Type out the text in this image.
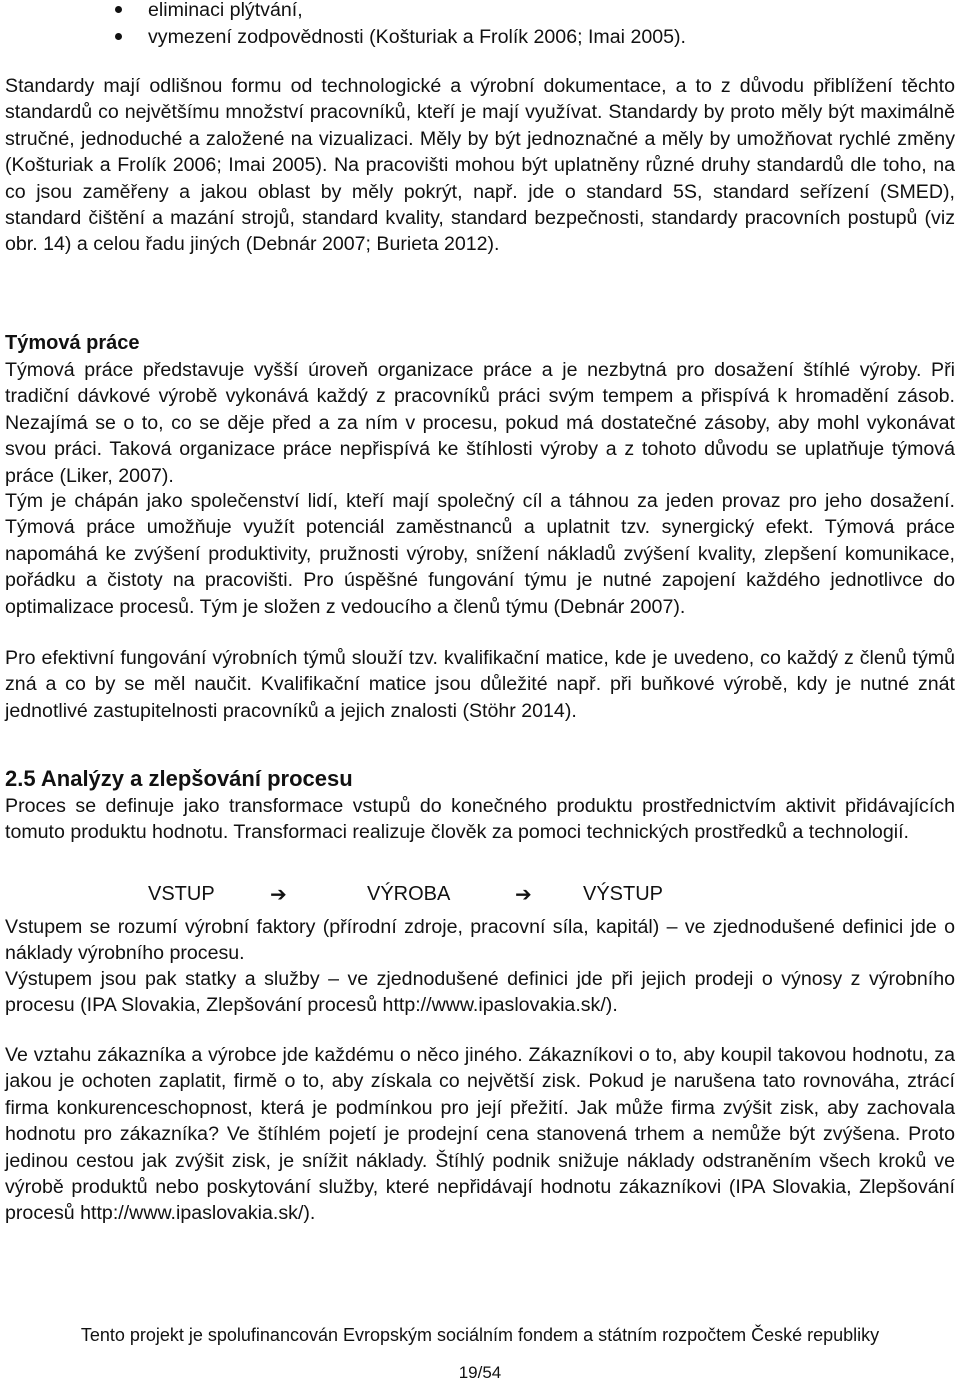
eliminaci plýtvání,
vymezení zodpovědnosti (Košturiak a Frolík 2006; Imai 2005).

Standardy mají odlišnou formu od technologické a výrobní dokumentace, a to z důvodu přiblížení těchto standardů co největšímu množství pracovníků, kteří je mají využívat. Standardy by proto měly být maximálně stručné, jednoduché a založené na vizualizaci. Měly by být jednoznačné a měly by umožňovat rychlé změny (Košturiak a Frolík 2006; Imai 2005). Na pracovišti mohou být uplatněny různé druhy standardů dle toho, na co jsou zaměřeny a jakou oblast by měly pokrýt, např. jde o standard 5S, standard seřízení (SMED), standard čištění a mazání strojů, standard kvality, standard bezpečnosti, standardy pracovních postupů (viz obr. 14) a celou řadu jiných (Debnár 2007; Burieta 2012).

Týmová práce

Týmová práce představuje vyšší úroveň organizace práce a je nezbytná pro dosažení štíhlé výroby. Při tradiční dávkové výrobě vykonává každý z pracovníků práci svým tempem a přispívá k hromadění zásob. Nezajímá se o to, co se děje před a za ním v procesu, pokud má dostatečné zásoby, aby mohl vykonávat svou práci. Taková organizace práce nepřispívá ke štíhlosti výroby a z tohoto důvodu se uplatňuje týmová práce (Liker, 2007).

Tým je chápán jako společenství lidí, kteří mají společný cíl a táhnou za jeden provaz pro jeho dosažení. Týmová práce umožňuje využít potenciál zaměstnanců a uplatnit tzv. synergický efekt. Týmová práce napomáhá ke zvýšení produktivity, pružnosti výroby, snížení nákladů zvýšení kvality, zlepšení komunikace, pořádku a čistoty na pracovišti. Pro úspěšné fungování týmu je nutné zapojení každého jednotlivce do optimalizace procesů. Tým je složen z vedoucího a členů týmu (Debnár 2007).

Pro efektivní fungování výrobních týmů slouží tzv. kvalifikační matice, kde je uvedeno, co každý z členů týmů zná a co by se měl naučit. Kvalifikační matice jsou důležité např. při buňkové výrobě, kdy je nutné znát jednotlivé zastupitelnosti pracovníků a jejich znalosti (Stöhr 2014).

2.5 Analýzy a zlepšování procesu

Proces se definuje jako transformace vstupů do konečného produktu prostřednictvím aktivit přidávajících tomuto produktu hodnotu. Transformaci realizuje člověk za pomoci technických prostředků a technologií.

VSTUP	➔	VÝROBA	➔	VÝSTUP

Vstupem se rozumí výrobní faktory (přírodní zdroje, pracovní síla, kapitál) – ve zjednodušené definici jde o náklady výrobního procesu.

Výstupem jsou pak statky a služby – ve zjednodušené definici jde při jejich prodeji o výnosy z výrobního procesu (IPA Slovakia, Zlepšování procesů http://www.ipaslovakia.sk/).

Ve vztahu zákazníka a výrobce jde každému o něco jiného. Zákazníkovi o to, aby koupil takovou hodnotu, za jakou je ochoten zaplatit, firmě o to, aby získala co největší zisk. Pokud je narušena tato rovnováha, ztrácí firma konkurenceschopnost, která je podmínkou pro její přežití. Jak může firma zvýšit zisk, aby zachovala hodnotu pro zákazníka? Ve štíhlém pojetí je prodejní cena stanovená trhem a nemůže být zvýšena. Proto jedinou cestou jak zvýšit zisk, je snížit náklady. Štíhlý podnik snižuje náklady odstraněním všech kroků ve výrobě produktů nebo poskytování služby, které nepřidávají hodnotu zákazníkovi (IPA Slovakia, Zlepšování procesů http://www.ipaslovakia.sk/).

Tento projekt je spolufinancován Evropským sociálním fondem a státním rozpočtem České republiky
19/54
